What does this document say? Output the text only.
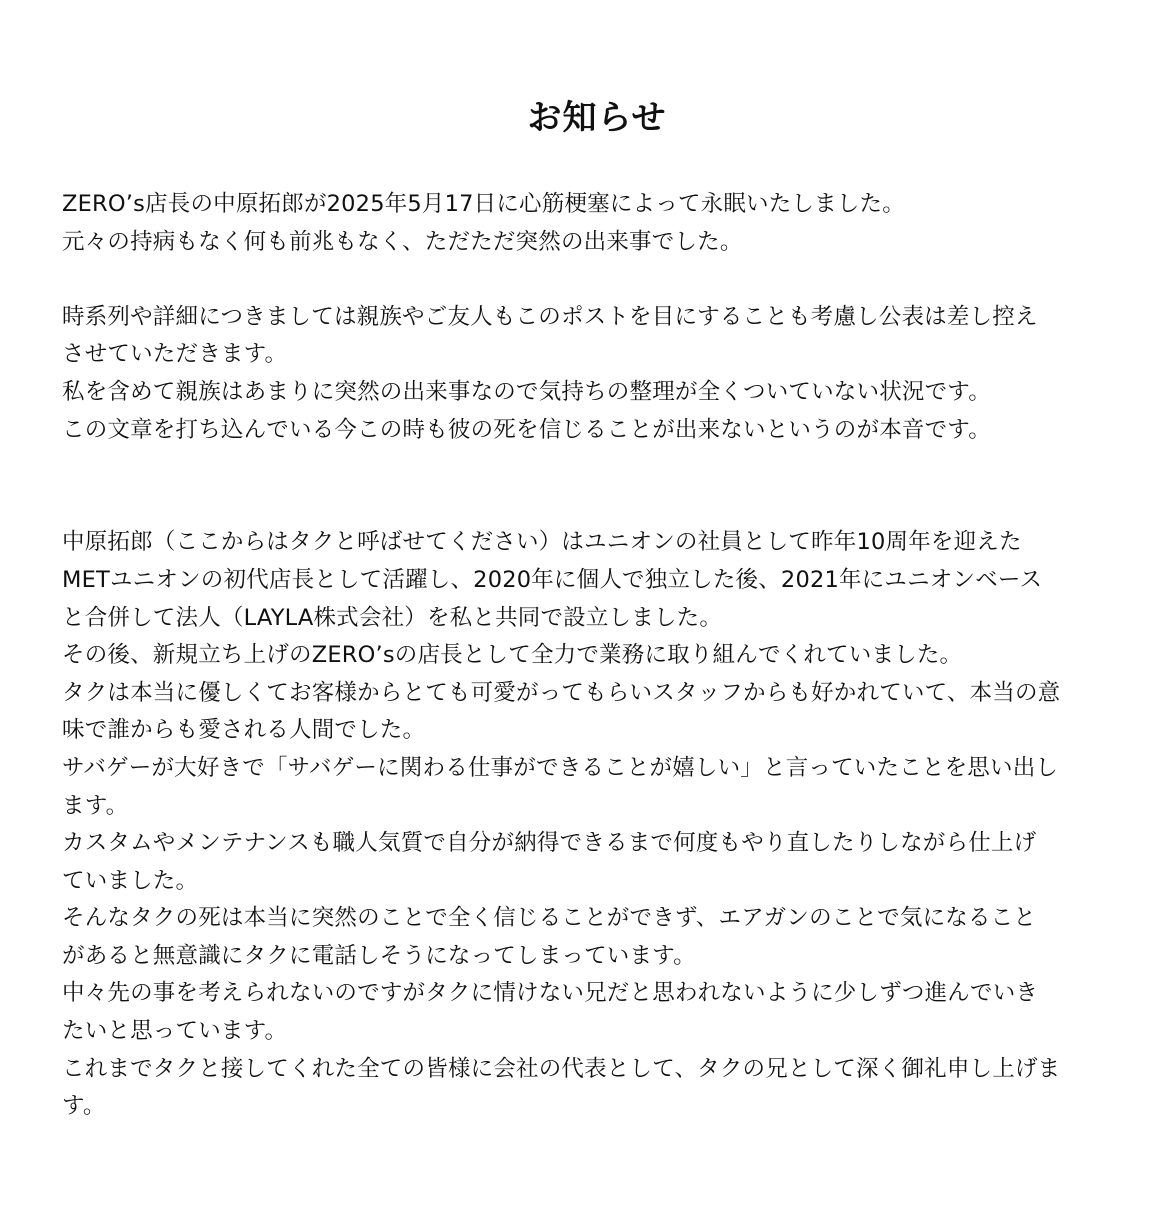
お知らせ
ZERO’s店長の中原拓郎が2025年5月17日に心筋梗塞によって永眠いたしました。
元々の持病もなく何も前兆もなく、ただただ突然の出来事でした。
時系列や詳細につきましては親族やご友人もこのポストを目にすることも考慮し公表は差し控え
させていただきます。
私を含めて親族はあまりに突然の出来事なので気持ちの整理が全くついていない状況です。
この文章を打ち込んでいる今この時も彼の死を信じることが出来ないというのが本音です。
中原拓郎（ここからはタクと呼ばせてください）はユニオンの社員として昨年10周年を迎えた
METユニオンの初代店長として活躍し、2020年に個人で独立した後、2021年にユニオンベース
と合併して法人（LAYLA株式会社）を私と共同で設立しました。
その後、新規立ち上げのZERO’sの店長として全力で業務に取り組んでくれていました。
タクは本当に優しくてお客様からとても可愛がってもらいスタッフからも好かれていて、本当の意
味で誰からも愛される人間でした。
サバゲーが大好きで「サバゲーに関わる仕事ができることが嬉しい」と言っていたことを思い出し
ます。
カスタムやメンテナンスも職人気質で自分が納得できるまで何度もやり直したりしながら仕上げ
ていました。
そんなタクの死は本当に突然のことで全く信じることができず、エアガンのことで気になること
があると無意識にタクに電話しそうになってしまっています。
中々先の事を考えられないのですがタクに情けない兄だと思われないように少しずつ進んでいき
たいと思っています。
これまでタクと接してくれた全ての皆様に会社の代表として、タクの兄として深く御礼申し上げま
す。
